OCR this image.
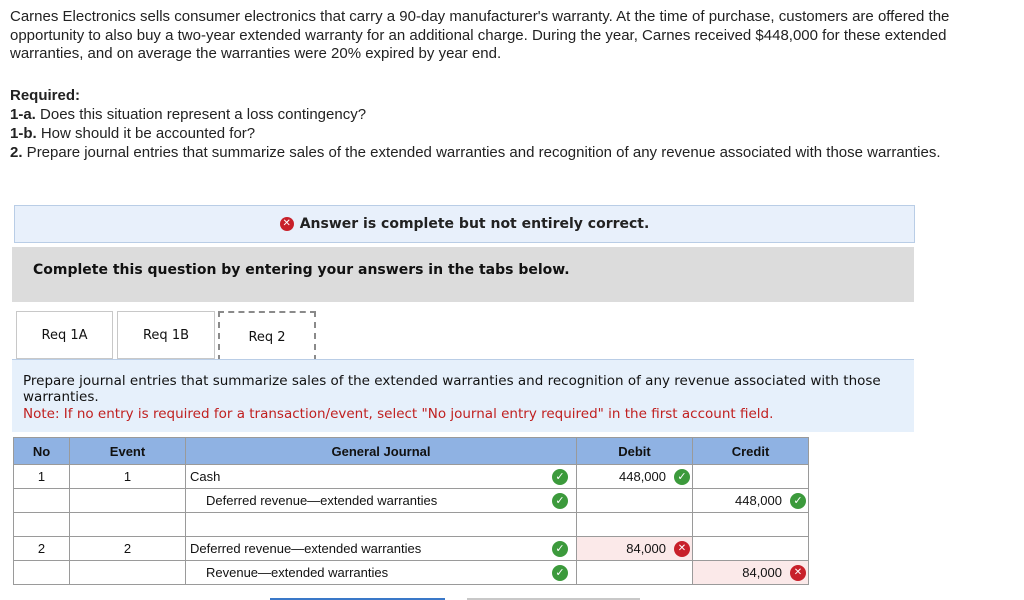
Carnes Electronics sells consumer electronics that carry a 90-day manufacturer's warranty. At the time of purchase, customers are offered the opportunity to also buy a two-year extended warranty for an additional charge. During the year, Carnes received $448,000 for these extended warranties, and on average the warranties were 20% expired by year end.
Required:
1-a. Does this situation represent a loss contingency?
1-b. How should it be accounted for?
2. Prepare journal entries that summarize sales of the extended warranties and recognition of any revenue associated with those warranties.
✕ Answer is complete but not entirely correct.
Complete this question by entering your answers in the tabs below.
Req 1A	Req 1B	Req 2
Prepare journal entries that summarize sales of the extended warranties and recognition of any revenue associated with those warranties.
Note: If no entry is required for a transaction/event, select "No journal entry required" in the first account field.
No	Event	General Journal	Debit	Credit
1	1	Cash ✓	448,000 ✓	

		Deferred revenue—extended warranties ✓		448,000 ✓

2	2	Deferred revenue—extended warranties ✓	84,000 ✕	

		Revenue—extended warranties ✓		84,000 ✕
